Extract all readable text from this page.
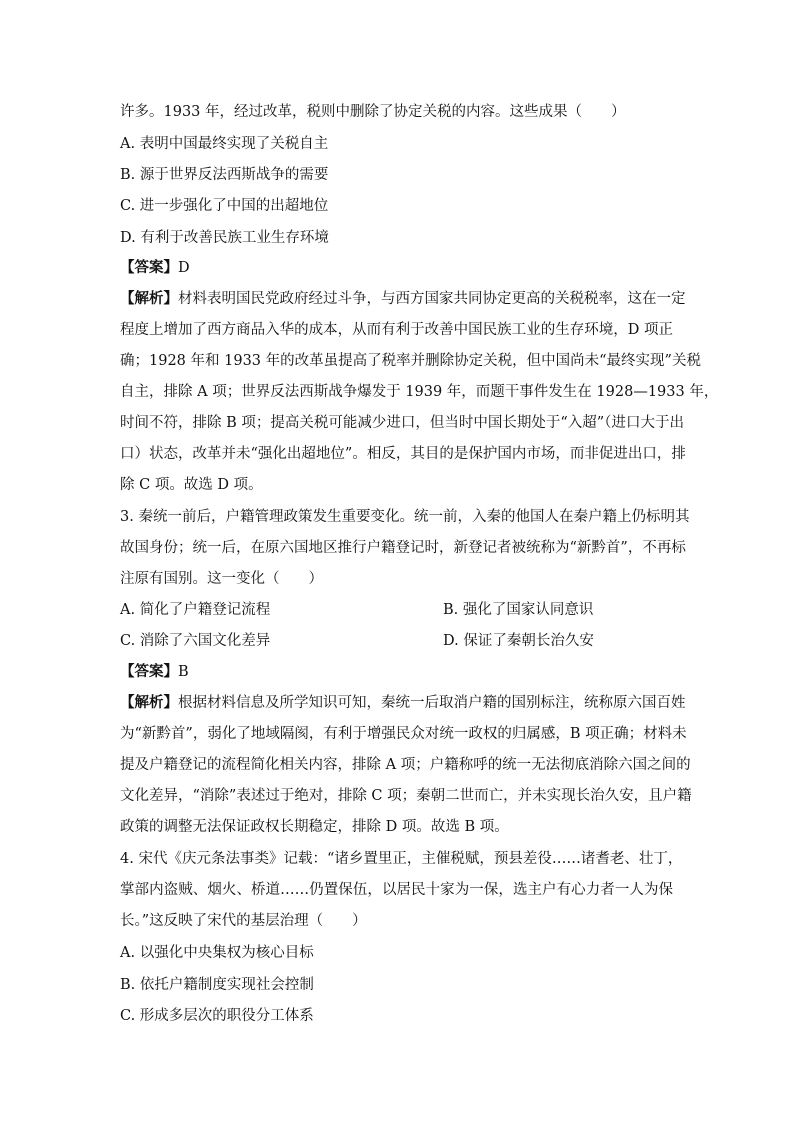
许多。1933 年，经过改革，税则中删除了协定关税的内容。这些成果（　　）
A. 表明中国最终实现了关税自主
B. 源于世界反法西斯战争的需要
C. 进一步强化了中国的出超地位
D. 有利于改善民族工业生存环境
【答案】D
【解析】材料表明国民党政府经过斗争，与西方国家共同协定更高的关税税率，这在一定
程度上增加了西方商品入华的成本，从而有利于改善中国民族工业的生存环境，D 项正
确；1928 年和 1933 年的改革虽提高了税率并删除协定关税，但中国尚未“最终实现”关税
自主，排除 A 项；世界反法西斯战争爆发于 1939 年，而题干事件发生在 1928—1933 年，
时间不符，排除 B 项；提高关税可能减少进口，但当时中国长期处于“入超”（进口大于出
口）状态，改革并未“强化出超地位”。相反，其目的是保护国内市场，而非促进出口，排
除 C 项。故选 D 项。
3. 秦统一前后，户籍管理政策发生重要变化。统一前，入秦的他国人在秦户籍上仍标明其
故国身份；统一后，在原六国地区推行户籍登记时，新登记者被统称为“新黔首”，不再标
注原有国别。这一变化（　　）
A. 简化了户籍登记流程	B. 强化了国家认同意识
C. 消除了六国文化差异	D. 保证了秦朝长治久安
【答案】B
【解析】根据材料信息及所学知识可知，秦统一后取消户籍的国别标注，统称原六国百姓
为“新黔首”，弱化了地域隔阂，有利于增强民众对统一政权的归属感，B 项正确；材料未
提及户籍登记的流程简化相关内容，排除 A 项；户籍称呼的统一无法彻底消除六国之间的
文化差异，“消除”表述过于绝对，排除 C 项；秦朝二世而亡，并未实现长治久安，且户籍
政策的调整无法保证政权长期稳定，排除 D 项。故选 B 项。
4. 宋代《庆元条法事类》记载：“诸乡置里正，主催税赋，预县差役……诸耆老、壮丁，
掌部内盗贼、烟火、桥道……仍置保伍，以居民十家为一保，选主户有心力者一人为保
长。”这反映了宋代的基层治理（　　）
A. 以强化中央集权为核心目标
B. 依托户籍制度实现社会控制
C. 形成多层次的职役分工体系
